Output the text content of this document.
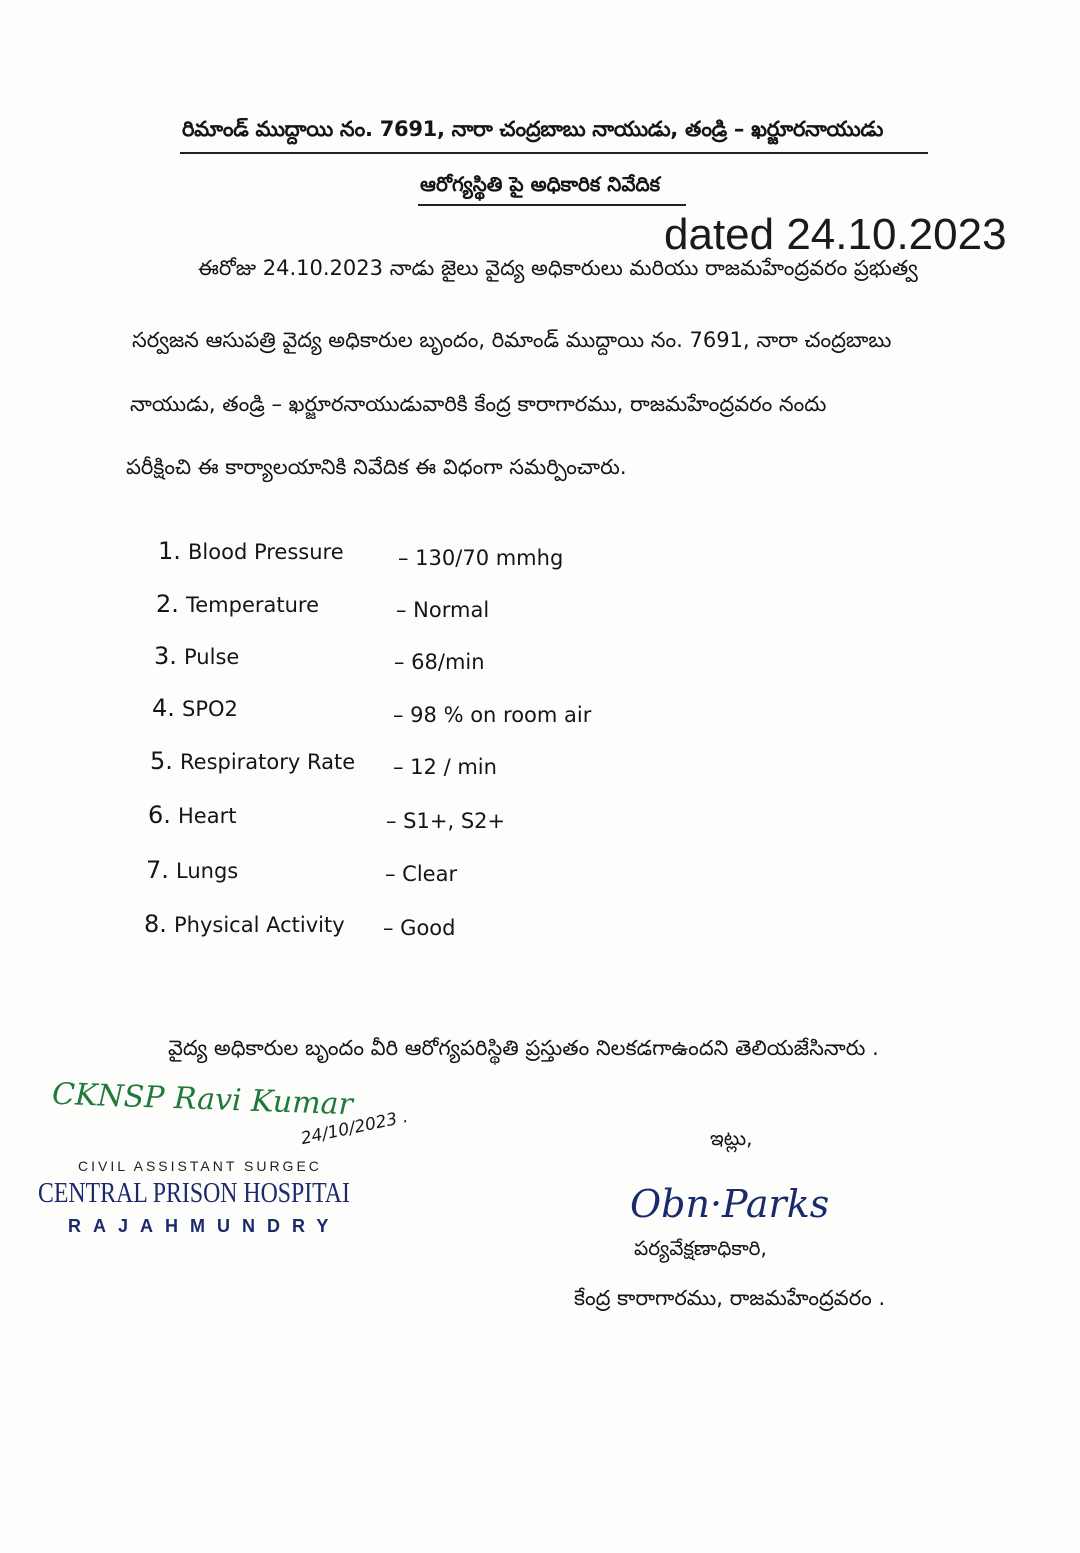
రిమాండ్ ముద్దాయి నం. 7691, నారా చంద్రబాబు నాయుడు, తండ్రి – ఖర్జూరనాయుడు
ఆరోగ్యస్థితి పై అధికారిక నివేదిక
dated 24.10.2023
ఈరోజు 24.10.2023 నాడు జైలు వైద్య అధికారులు మరియు రాజమహేంద్రవరం ప్రభుత్వ
సర్వజన ఆసుపత్రి వైద్య అధికారుల బృందం, రిమాండ్ ముద్దాయి నం. 7691, నారా చంద్రబాబు
నాయుడు, తండ్రి – ఖర్జూరనాయుడువారికి కేంద్ర కారాగారము, రాజమహేంద్రవరం నందు
పరీక్షించి ఈ కార్యాలయానికి నివేదిక ఈ విధంగా సమర్పించారు.
1. Blood Pressure	– 130/70 mmhg
2. Temperature	– Normal
3. Pulse	– 68/min
4. SPO2	– 98 % on room air
5. Respiratory Rate – 12 / min
6. Heart	– S1+, S2+
7. Lungs	– Clear
8. Physical Activity – Good
వైద్య అధికారుల బృందం వీరి ఆరోగ్యపరిస్థితి ప్రస్తుతం నిలకడగాఉందని తెలియజేసినారు .
CKNSP Ravi Kumar
24/10/2023 .
CIVIL ASSISTANT SURGEC
CENTRAL PRISON HOSPITAI
RAJAHMUNDRY
ఇట్లు,
Obn·Parks
పర్యవేక్షణాధికారి,
కేంద్ర కారాగారము, రాజమహేంద్రవరం .
